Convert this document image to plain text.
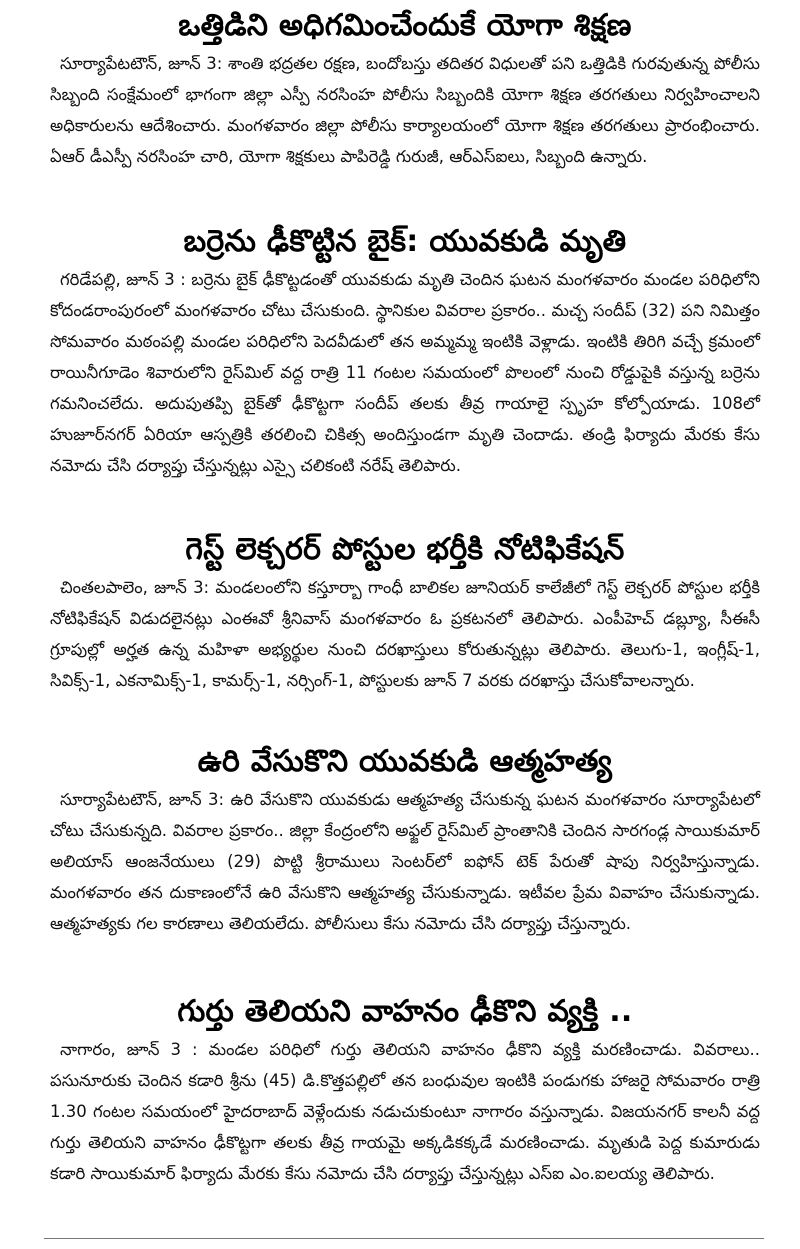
ఒత్తిడిని అధిగమించేందుకే యోగా శిక్షణ

సూర్యాపేటటౌన్‌, జూన్‌ 3: శాంతి భద్రతల రక్షణ, బందోబస్తు తదితర విధులతో పని ఒత్తిడికి గురవుతున్న పోలీసు సిబ్బంది సంక్షేమంలో భాగంగా జిల్లా ఎస్పీ నరసింహ పోలీసు సిబ్బందికి యోగా శిక్షణ తరగతులు నిర్వహించాలని అధికారులను ఆదేశించారు. మంగళవారం జిల్లా పోలీసు కార్యాలయంలో యోగా శిక్షణ తరగతులు ప్రారంభించారు. ఏఆర్‌ డీఎస్పీ నరసింహ చారి, యోగా శిక్షకులు పాపిరెడ్డి గురుజీ, ఆర్‌ఎస్‌ఐలు, సిబ్బంది ఉన్నారు.

బర్రెను ఢీకొట్టిన బైక్‌: యువకుడి మృతి

గరిడేపల్లి, జూన్‌ 3 : బర్రెను బైక్‌ ఢీకొట్టడంతో యువకుడు మృతి చెందిన ఘటన మంగళవారం మండల పరిధిలోని కోదండరాంపురంలో మంగళవారం చోటు చేసుకుంది. స్థానికుల వివరాల ప్రకారం.. మచ్చ సందీప్‌ (32) పని నిమిత్తం సోమవారం మఠంపల్లి మండల పరిధిలోని పెదవీడులో తన అమ్మమ్మ ఇంటికి వెళ్లాడు. ఇంటికి తిరిగి వచ్చే క్రమంలో రాయినీగూడెం శివారులోని రైస్‌మిల్‌ వద్ద రాత్రి 11 గంటల సమయంలో పొలంలో నుంచి రోడ్డుపైకి వస్తున్న బర్రెను గమనించలేదు. అదుపుతప్పి బైక్‌తో ఢీకొట్టగా సందీప్‌ తలకు తీవ్ర గాయాలై స్పృహ కోల్పోయాడు. 108లో హుజూర్‌నగర్‌ ఏరియా ఆస్పత్రికి తరలించి చికిత్స అందిస్తుండగా మృతి చెందాడు. తండ్రి ఫిర్యాదు మేరకు కేసు నమోదు చేసి దర్యాప్తు చేస్తున్నట్లు ఎస్సై చలికంటి నరేష్‌ తెలిపారు.

గెస్ట్‌ లెక్చరర్‌ పోస్టుల భర్తీకి నోటిఫికేషన్‌

చింతలపాలెం, జూన్‌ 3: మండలంలోని కస్తూర్బా గాంధీ బాలికల జూనియర్‌ కాలేజీలో గెస్ట్‌ లెక్చరర్‌ పోస్టుల భర్తీకి నోటిఫికేషన్‌ విడుదలైనట్లు ఎంఈవో శ్రీనివాస్‌ మంగళవారం ఓ ప్రకటనలో తెలిపారు. ఎంపీహెచ్‌ డబ్ల్యూ, సీఈసీ గ్రూపుల్లో అర్హత ఉన్న మహిళా అభ్యర్థుల నుంచి దరఖాస్తులు కోరుతున్నట్లు తెలిపారు. తెలుగు-1, ఇంగ్లీష్‌-1, సివిక్స్‌-1, ఎకనామిక్స్‌-1, కామర్స్‌-1, నర్సింగ్‌-1, పోస్టులకు జూన్‌ 7 వరకు దరఖాస్తు చేసుకోవాలన్నారు.

ఉరి వేసుకొని యువకుడి ఆత్మహత్య

సూర్యాపేటటౌన్‌, జూన్‌ 3: ఉరి వేసుకొని యువకుడు ఆత్మహత్య చేసుకున్న ఘటన మంగళవారం సూర్యాపేటలో చోటు చేసుకున్నది. వివరాల ప్రకారం.. జిల్లా కేంద్రంలోని అఫ్జల్‌ రైస్‌మిల్‌ ప్రాంతానికి చెందిన సారగండ్ల సాయికుమార్‌ అలియాస్‌ ఆంజనేయులు (29) పొట్టి శ్రీరాములు సెంటర్‌లో ఐఫోన్‌ టెక్‌ పేరుతో షాపు నిర్వహిస్తున్నాడు. మంగళవారం తన దుకాణంలోనే ఉరి వేసుకొని ఆత్మహత్య చేసుకున్నాడు. ఇటీవల ప్రేమ వివాహం చేసుకున్నాడు. ఆత్మహత్యకు గల కారణాలు తెలియలేదు. పోలీసులు కేసు నమోదు చేసి దర్యాప్తు చేస్తున్నారు.

గుర్తు తెలియని వాహనం ఢీకొని వ్యక్తి ..

నాగారం, జూన్‌ 3 : మండల పరిధిలో గుర్తు తెలియని వాహనం ఢీకొని వ్యక్తి మరణించాడు. వివరాలు.. పసునూరుకు చెందిన కడారి శ్రీను (45) డి.కొత్తపల్లిలో తన బంధువుల ఇంటికి పండుగకు హాజరై సోమవారం రాత్రి 1.30 గంటల సమయంలో హైదరాబాద్‌ వెళ్లేందుకు నడుచుకుంటూ నాగారం వస్తున్నాడు. విజయనగర్‌ కాలనీ వద్ద గుర్తు తెలియని వాహనం ఢీకొట్టగా తలకు తీవ్ర గాయమై అక్కడికక్కడే మరణించాడు. మృతుడి పెద్ద కుమారుడు కడారి సాయికుమార్‌ ఫిర్యాదు మేరకు కేసు నమోదు చేసి దర్యాప్తు చేస్తున్నట్లు ఎస్‌ఐ ఎం.ఐలయ్య తెలిపారు.
